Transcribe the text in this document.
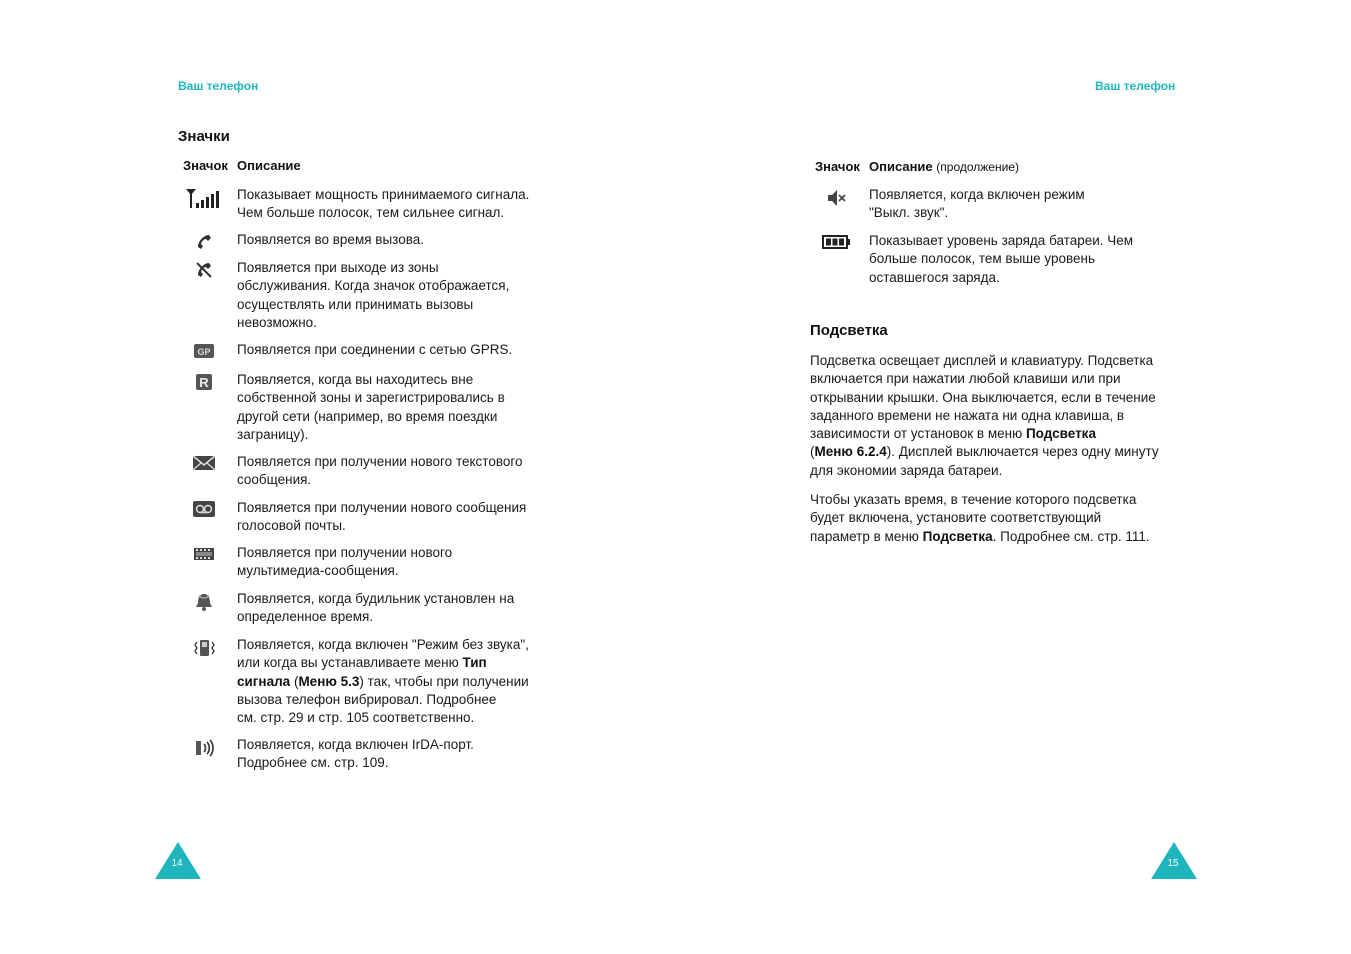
Ваш телефон
Значки
Значок Описание
Показывает мощность принимаемого сигнала.
Чем больше полосок, тем сильнее сигнал.
Появляется во время вызова.
Появляется при выходе из зоны
обслуживания. Когда значок отображается,
осуществлять или принимать вызовы
невозможно.
GP Появляется при соединении с сетью GPRS.
R Появляется, когда вы находитесь вне
собственной зоны и зарегистрировались в
другой сети (например, во время поездки
заграницу).
Появляется при получении нового текстового
сообщения.
Появляется при получении нового сообщения
голосовой почты.
Появляется при получении нового
мультимедиа-сообщения.
Появляется, когда будильник установлен на
определенное время.
Появляется, когда включен "Режим без звука",
или когда вы устанавливаете меню Тип
сигнала (Меню 5.3) так, чтобы при получении
вызова телефон вибрировал. Подробнее
см. стр. 29 и стр. 105 соответственно.
Появляется, когда включен IrDA-порт.
Подробнее см. стр. 109.
14
Ваш телефон
Значок Описание (продолжение)
Появляется, когда включен режим
"Выкл. звук".
Показывает уровень заряда батареи. Чем
больше полосок, тем выше уровень
оставшегося заряда.
Подсветка
Подсветка освещает дисплей и клавиатуру. Подсветка
включается при нажатии любой клавиши или при
открывании крышки. Она выключается, если в течение
заданного времени не нажата ни одна клавиша, в
зависимости от установок в меню Подсветка
(Меню 6.2.4). Дисплей выключается через одну минуту
для экономии заряда батареи.
Чтобы указать время, в течение которого подсветка
будет включена, установите соответствующий
параметр в меню Подсветка. Подробнее см. стр. 111.
15
